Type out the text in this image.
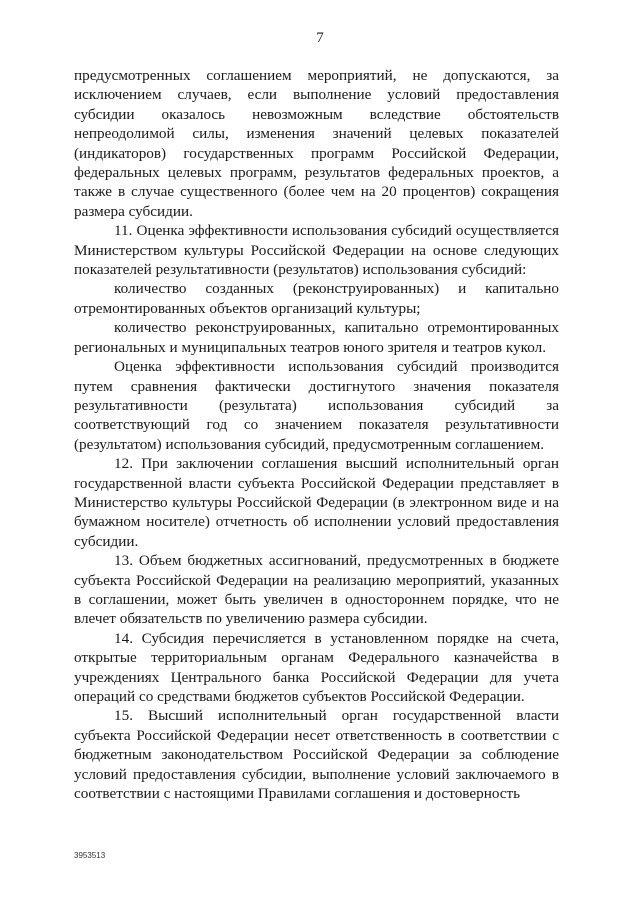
7

предусмотренных соглашением мероприятий, не допускаются, за исключением случаев, если выполнение условий предоставления субсидии оказалось невозможным вследствие обстоятельств непреодолимой силы, изменения значений целевых показателей (индикаторов) государственных программ Российской Федерации, федеральных целевых программ, результатов федеральных проектов, а также в случае существенного (более чем на 20 процентов) сокращения размера субсидии.

11. Оценка эффективности использования субсидий осуществляется Министерством культуры Российской Федерации на основе следующих показателей результативности (результатов) использования субсидий:

количество созданных (реконструированных) и капитально отремонтированных объектов организаций культуры;

количество реконструированных, капитально отремонтированных региональных и муниципальных театров юного зрителя и театров кукол.

Оценка эффективности использования субсидий производится путем сравнения фактически достигнутого значения показателя результативности (результата) использования субсидий за соответствующий год со значением показателя результативности (результатом) использования субсидий, предусмотренным соглашением.

12. При заключении соглашения высший исполнительный орган государственной власти субъекта Российской Федерации представляет в Министерство культуры Российской Федерации (в электронном виде и на бумажном носителе) отчетность об исполнении условий предоставления субсидии.

13. Объем бюджетных ассигнований, предусмотренных в бюджете субъекта Российской Федерации на реализацию мероприятий, указанных в соглашении, может быть увеличен в одностороннем порядке, что не влечет обязательств по увеличению размера субсидии.

14. Субсидия перечисляется в установленном порядке на счета, открытые территориальным органам Федерального казначейства в учреждениях Центрального банка Российской Федерации для учета операций со средствами бюджетов субъектов Российской Федерации.

15. Высший исполнительный орган государственной власти субъекта Российской Федерации несет ответственность в соответствии с бюджетным законодательством Российской Федерации за соблюдение условий предоставления субсидии, выполнение условий заключаемого в соответствии с настоящими Правилами соглашения и достоверность

3953513
